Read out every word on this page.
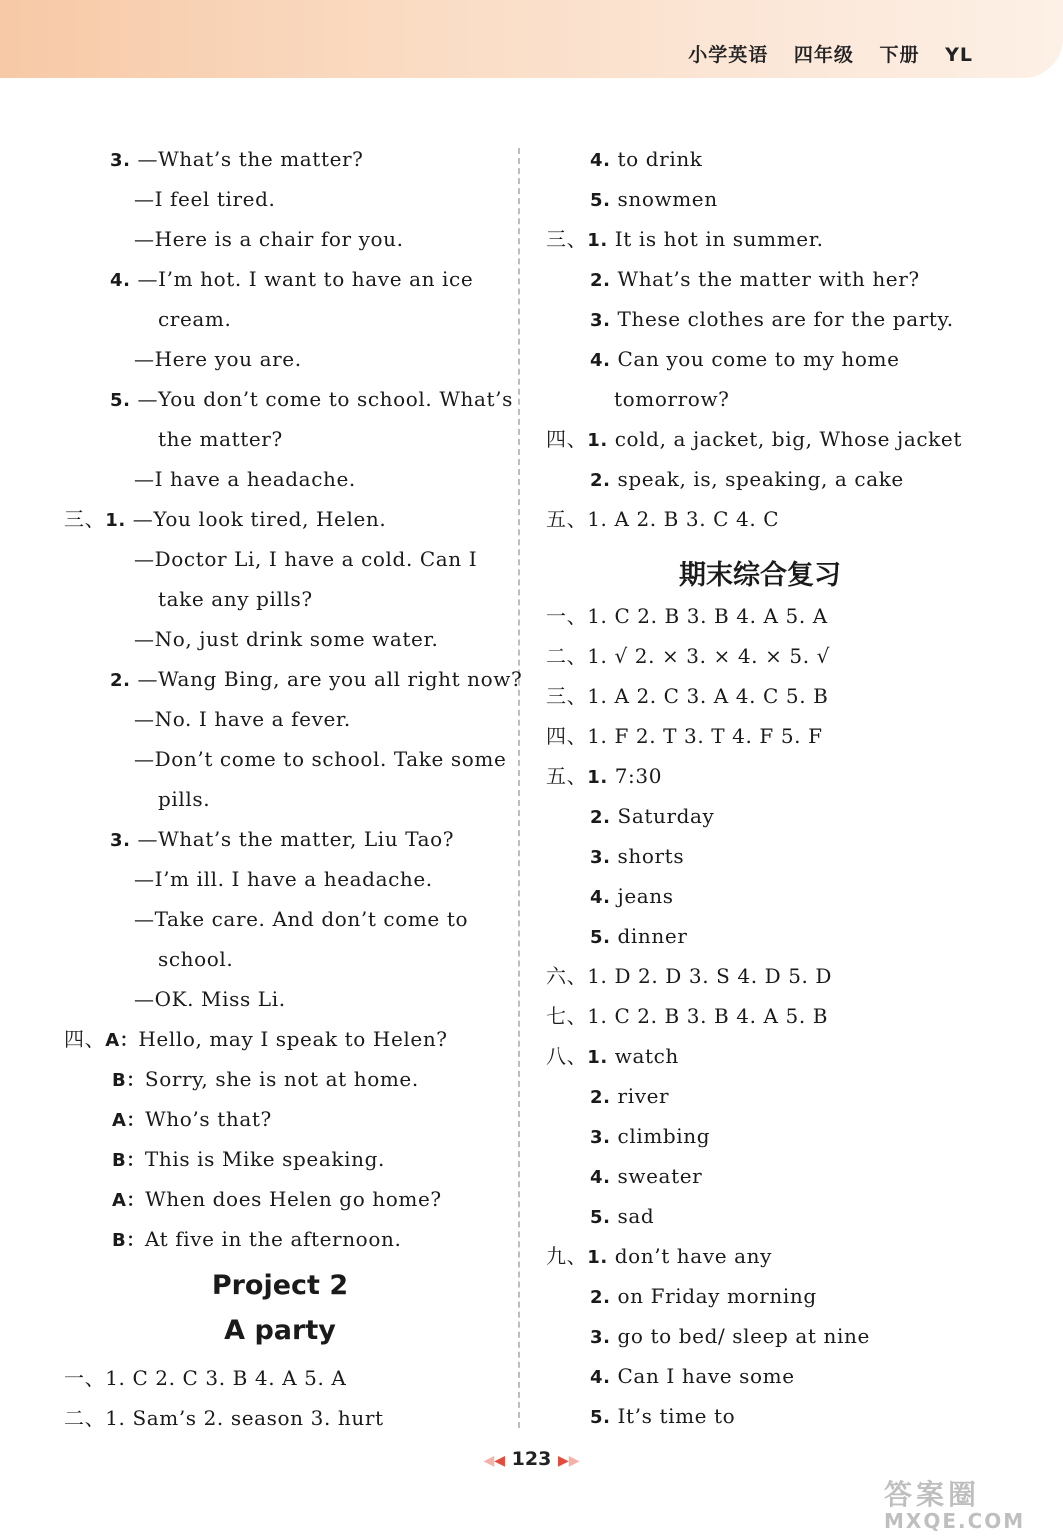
小学英语 四年级 下册 YL
3. —What’s the matter?
—I feel tired.
—Here is a chair for you.
4. —I’m hot. I want to have an ice
cream.
—Here you are.
5. —You don’t come to school. What’s
the matter?
—I have a headache.
三、1. —You look tired, Helen.
—Doctor Li, I have a cold. Can I
take any pills?
—No, just drink some water.
2. —Wang Bing, are you all right now?
—No. I have a fever.
—Don’t come to school. Take some
pills.
3. —What’s the matter, Liu Tao?
—I’m ill. I have a headache.
—Take care. And don’t come to
school.
—OK. Miss Li.
四、A：Hello, may I speak to Helen?
B：Sorry, she is not at home.
A：Who’s that?
B：This is Mike speaking.
A：When does Helen go home?
B：At five in the afternoon.
Project 2
A party
一、1. C 2. C 3. B 4. A 5. A
二、1. Sam’s 2. season 3. hurt
4. to drink
5. snowmen
三、1. It is hot in summer.
2. What’s the matter with her?
3. These clothes are for the party.
4. Can you come to my home
tomorrow?
四、1. cold, a jacket, big, Whose jacket
2. speak, is, speaking, a cake
五、1. A 2. B 3. C 4. C
期末综合复习
一、1. C 2. B 3. B 4. A 5. A
二、1. √ 2. × 3. × 4. × 5. √
三、1. A 2. C 3. A 4. C 5. B
四、1. F 2. T 3. T 4. F 5. F
五、1. 7:30
2. Saturday
3. shorts
4. jeans
5. dinner
六、1. D 2. D 3. S 4. D 5. D
七、1. C 2. B 3. B 4. A 5. B
八、1. watch
2. river
3. climbing
4. sweater
5. sad
九、1. don’t have any
2. on Friday morning
3. go to bed/ sleep at nine
4. Can I have some
5. It’s time to
◀◀ 123 ▶▶
答案圈
MXQE.COM
